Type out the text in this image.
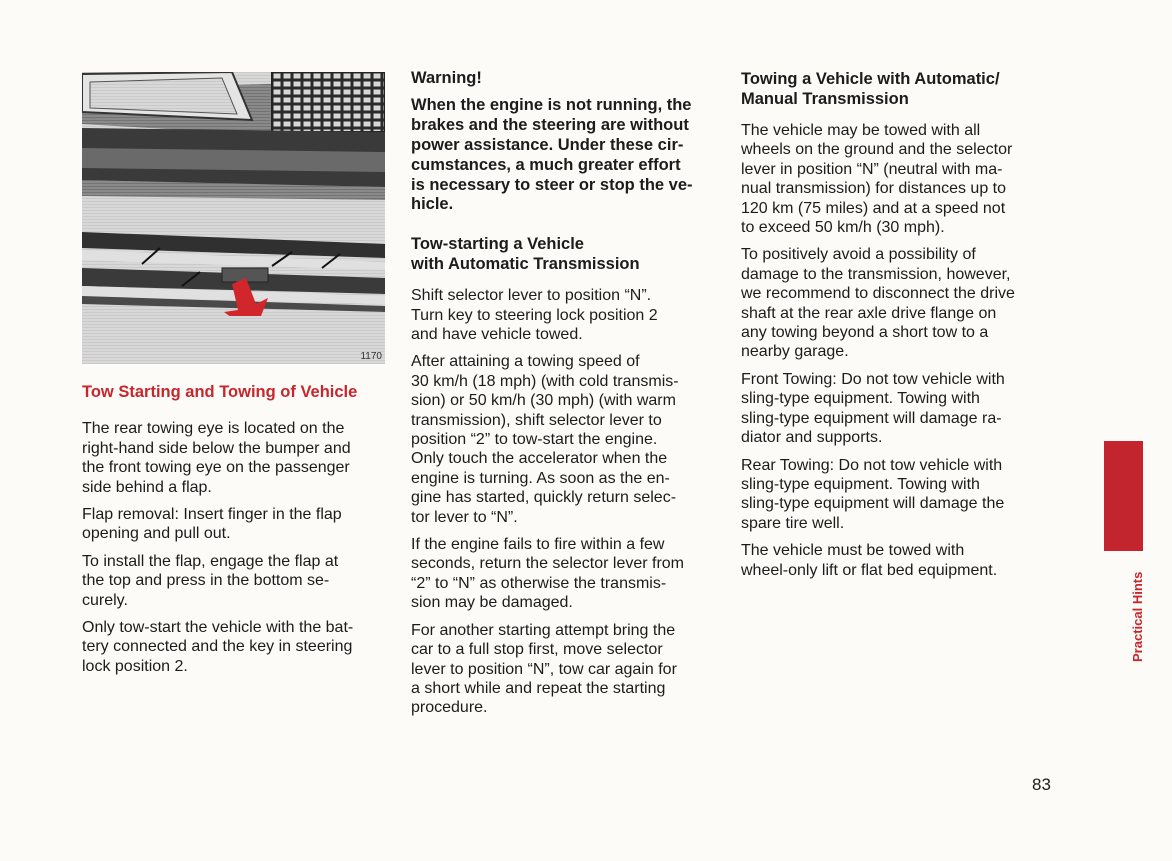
1170
Tow Starting and Towing of Vehicle

The rear towing eye is located on the
right-hand side below the bumper and
the front towing eye on the passenger
side behind a flap.

Flap removal: Insert finger in the flap
opening and pull out.

To install the flap, engage the flap at
the top and press in the bottom se-
curely.

Only tow-start the vehicle with the bat-
tery connected and the key in steering
lock position 2.

Warning!
When the engine is not running, the
brakes and the steering are without
power assistance. Under these cir-
cumstances, a much greater effort
is necessary to steer or stop the ve-
hicle.
Tow-starting a Vehicle
with Automatic Transmission

Shift selector lever to position “N”.
Turn key to steering lock position 2
and have vehicle towed.

After attaining a towing speed of
30 km/h (18 mph) (with cold transmis-
sion) or 50 km/h (30 mph) (with warm
transmission), shift selector lever to
position “2” to tow-start the engine.
Only touch the accelerator when the
engine is turning. As soon as the en-
gine has started, quickly return selec-
tor lever to “N”.

If the engine fails to fire within a few
seconds, return the selector lever from
“2” to “N” as otherwise the transmis-
sion may be damaged.

For another starting attempt bring the
car to a full stop first, move selector
lever to position “N”, tow car again for
a short while and repeat the starting
procedure.

Towing a Vehicle with Automatic/
Manual Transmission

The vehicle may be towed with all
wheels on the ground and the selector
lever in position “N” (neutral with ma-
nual transmission) for distances up to
120 km (75 miles) and at a speed not
to exceed 50 km/h (30 mph).

To positively avoid a possibility of
damage to the transmission, however,
we recommend to disconnect the drive
shaft at the rear axle drive flange on
any towing beyond a short tow to a
nearby garage.

Front Towing: Do not tow vehicle with
sling-type equipment. Towing with
sling-type equipment will damage ra-
diator and supports.

Rear Towing: Do not tow vehicle with
sling-type equipment. Towing with
sling-type equipment will damage the
spare tire well.

The vehicle must be towed with
wheel-only lift or flat bed equipment.

Practical Hints
83
